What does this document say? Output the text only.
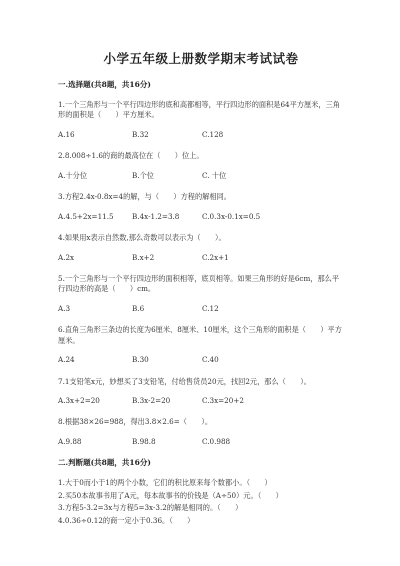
小学五年级上册数学期末考试试卷
一.选择题(共8题，共16分)
1.一个三角形与一个平行四边形的底和高都相等，平行四边形的面积是64平方厘米，三角形的面积是（　　）平方厘米。
A.16	B.32	C.128
2.8.008÷1.6的商的最高位在（　　）位上。
A.十分位	B.个位	C. 十位
3.方程2.4x-0.8x=4的解，与（　　）方程的解相同。
A.4.5+2x=11.5	B.4x-1.2=3.8	C.0.3x-0.1x=0.5
4.如果用x表示自然数,那么奇数可以表示为（　　）。
A.2x	B.x+2	C.2x+1
5.一个三角形与一个平行四边形的面积相等，底页相等。如果三角形的好是6cm，那么平行四边形的高是（　　）cm。
A.3	B.6	C.12
6.直角三角形三条边的长度为6厘米、8厘米、10厘米，这个三角形的面积是（　　）平方厘米。
A.24	B.30	C.40
7.1支铅笔x元，妙想买了3支铅笔，付给售货员20元，找回2元，那么（　　）。
A.3x+2=20	B.3x-2=20	C.3x=20+2
8.根据38×26=988，得出3.8×2.6=（　　）。
A.9.88	B.98.8	C.0.988
二.判断题(共8题，共16分)
1.大于0而小于1的两个小数，它们的积比原来每个数都小。（　　）
2.买50本故事书用了A元，每本故事书的价钱是（A÷50）元。（　　）
3.方程5-3.2=3x与方程5=3x-3.2的解是相同的。（　　）
4.0.36÷0.12的商一定小于0.36。（　　）
